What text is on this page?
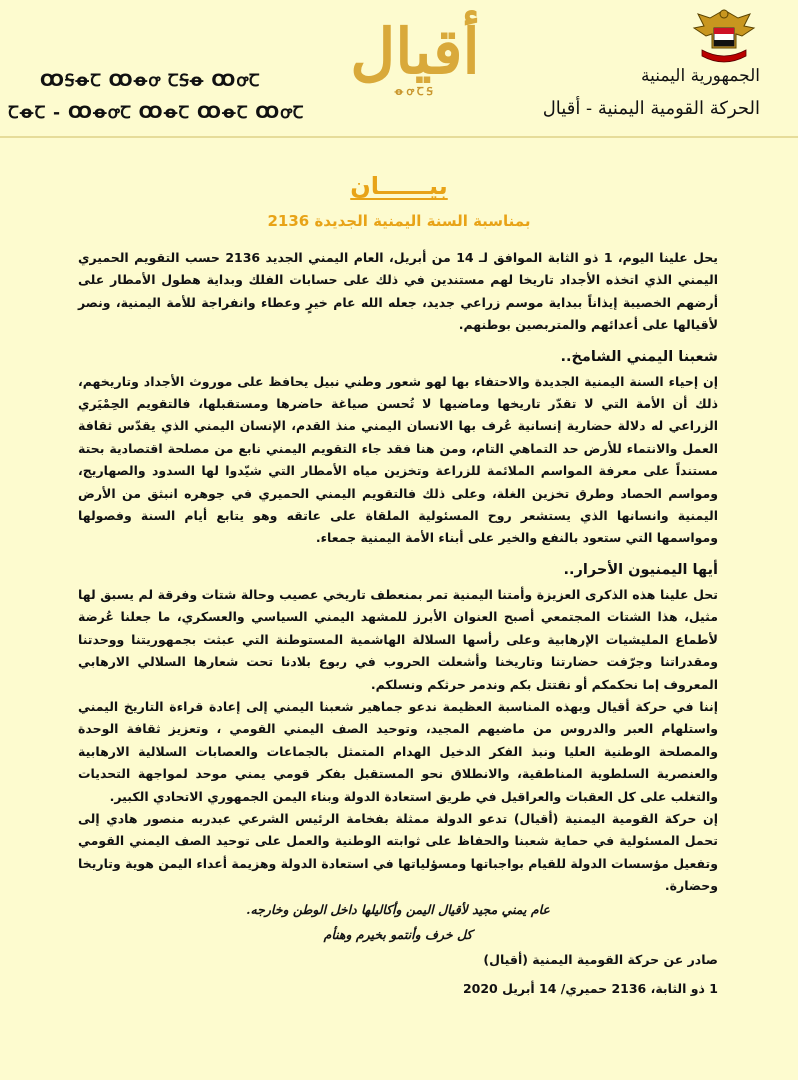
ꝎꟉꝋꞆ Ꝏꝋꝍ ꞆꟉꝋ ꝎꝍꞆ
ꞆꝋꞆ - ꝎꝋꝍꞆ ꝎꝋꞆ ꝎꝋꞆ ꝎꝍꞆ
أقيال
ꝋꝍꞆꟉ
الجمهورية اليمنية
الحركة القومية اليمنية - أقيال
بيــــــان
بمناسبة السنة اليمنية الجديدة 2136

يحل علينا اليوم، 1 ذو الثابة الموافق لـ 14 من أبريل، العام اليمني الجديد 2136 حسب التقويم الحميري اليمني الذي اتخذه الأجداد تاريخا لهم مستندين في ذلك على حسابات الفلك وبداية هطول الأمطار على أرضهم الخصيبة إيذاناً ببداية موسم زراعي جديد، جعله الله عام خيرٍ وعطاء وانفراجة للأمة اليمنية، ونصر لأقيالها على أعدائهم والمتربصين بوطنهم.

شعبنا اليمني الشامخ..

إن إحياء السنة اليمنية الجديدة والاحتفاء بها لهو شعور وطني نبيل يحافظ على موروث الأجداد وتاريخهم، ذلك أن الأمة التي لا تقدّر تاريخها وماضيها لا تُحسن صياغة حاضرها ومستقبلها، فالتقويم الحِمْيَري الزراعي له دلالة حضارية إنسانية عُرف بها الانسان اليمني منذ القدم، الإنسان اليمني الذي يقدّس ثقافة العمل والانتماء للأرض حد التماهي التام، ومن هنا فقد جاء التقويم اليمني نابع من مصلحة اقتصادية بحتة مستنداً على معرفة المواسم الملائمة للزراعة وتخزين مياه الأمطار التي شيّدوا لها السدود والصهاريج، ومواسم الحصاد وطرق تخزين الغلة، وعلى ذلك فالتقويم اليمني الحميري في جوهره انبثق من الأرض اليمنية وانسانها الذي يستشعر روح المسئولية الملقاة على عاتقه وهو يتابع أيام السنة وفصولها ومواسمها التي ستعود بالنفع والخير على أبناء الأمة اليمنية جمعاء.

أيها اليمنيون الأحرار..

تحل علينا هذه الذكرى العزيزة وأمتنا اليمنية تمر بمنعطف تاريخي عصيب وحالة شتات وفرقة لم يسبق لها مثيل، هذا الشتات المجتمعي أصبح العنوان الأبرز للمشهد اليمني السياسي والعسكري، ما جعلنا عُرضة لأطماع المليشيات الإرهابية وعلى رأسها السلالة الهاشمية المستوطنة التي عبثت بجمهوريتنا ووحدتنا ومقدراتنا وجرّفت حضارتنا وتاريخنا وأشعلت الحروب في ربوع بلادنا تحت شعارها السلالي الارهابي المعروف إما نحكمكم أو نقتتل بكم وندمر حرثكم ونسلكم.

إننا في حركة أقيال وبهذه المناسبة العظيمة ندعو جماهير شعبنا اليمني إلى إعادة قراءة التاريخ اليمني واستلهام العبر والدروس من ماضيهم المجيد، وتوحيد الصف اليمني القومي ، وتعزيز ثقافة الوحدة والمصلحة الوطنية العليا ونبذ الفكر الدخيل الهدام المتمثل بالجماعات والعصابات السلالية الارهابية والعنصرية السلطوية المناطقية، والانطلاق نحو المستقبل بفكر قومي يمني موحد لمواجهة التحديات والتغلب على كل العقبات والعراقيل في طريق استعادة الدولة وبناء اليمن الجمهوري الاتحادي الكبير.

إن حركة القومية اليمنية (أقيال) تدعو الدولة ممثلة بفخامة الرئيس الشرعي عبدربه منصور هادي إلى تحمل المسئولية في حماية شعبنا والحفاظ على ثوابته الوطنية والعمل على توحيد الصف اليمني القومي وتفعيل مؤسسات الدولة للقيام بواجباتها ومسؤلياتها في استعادة الدولة وهزيمة أعداء اليمن هوية وتاريخا وحضارة.

عام يمني مجيد لأقيال اليمن وأكاليلها داخل الوطن وخارجه.
كل خرف وأنتمو بخيرم وهنأم
صادر عن حركة القومية اليمنية (أقيال)
1 ذو الثابة، 2136 حميري/ 14 أبريل 2020
